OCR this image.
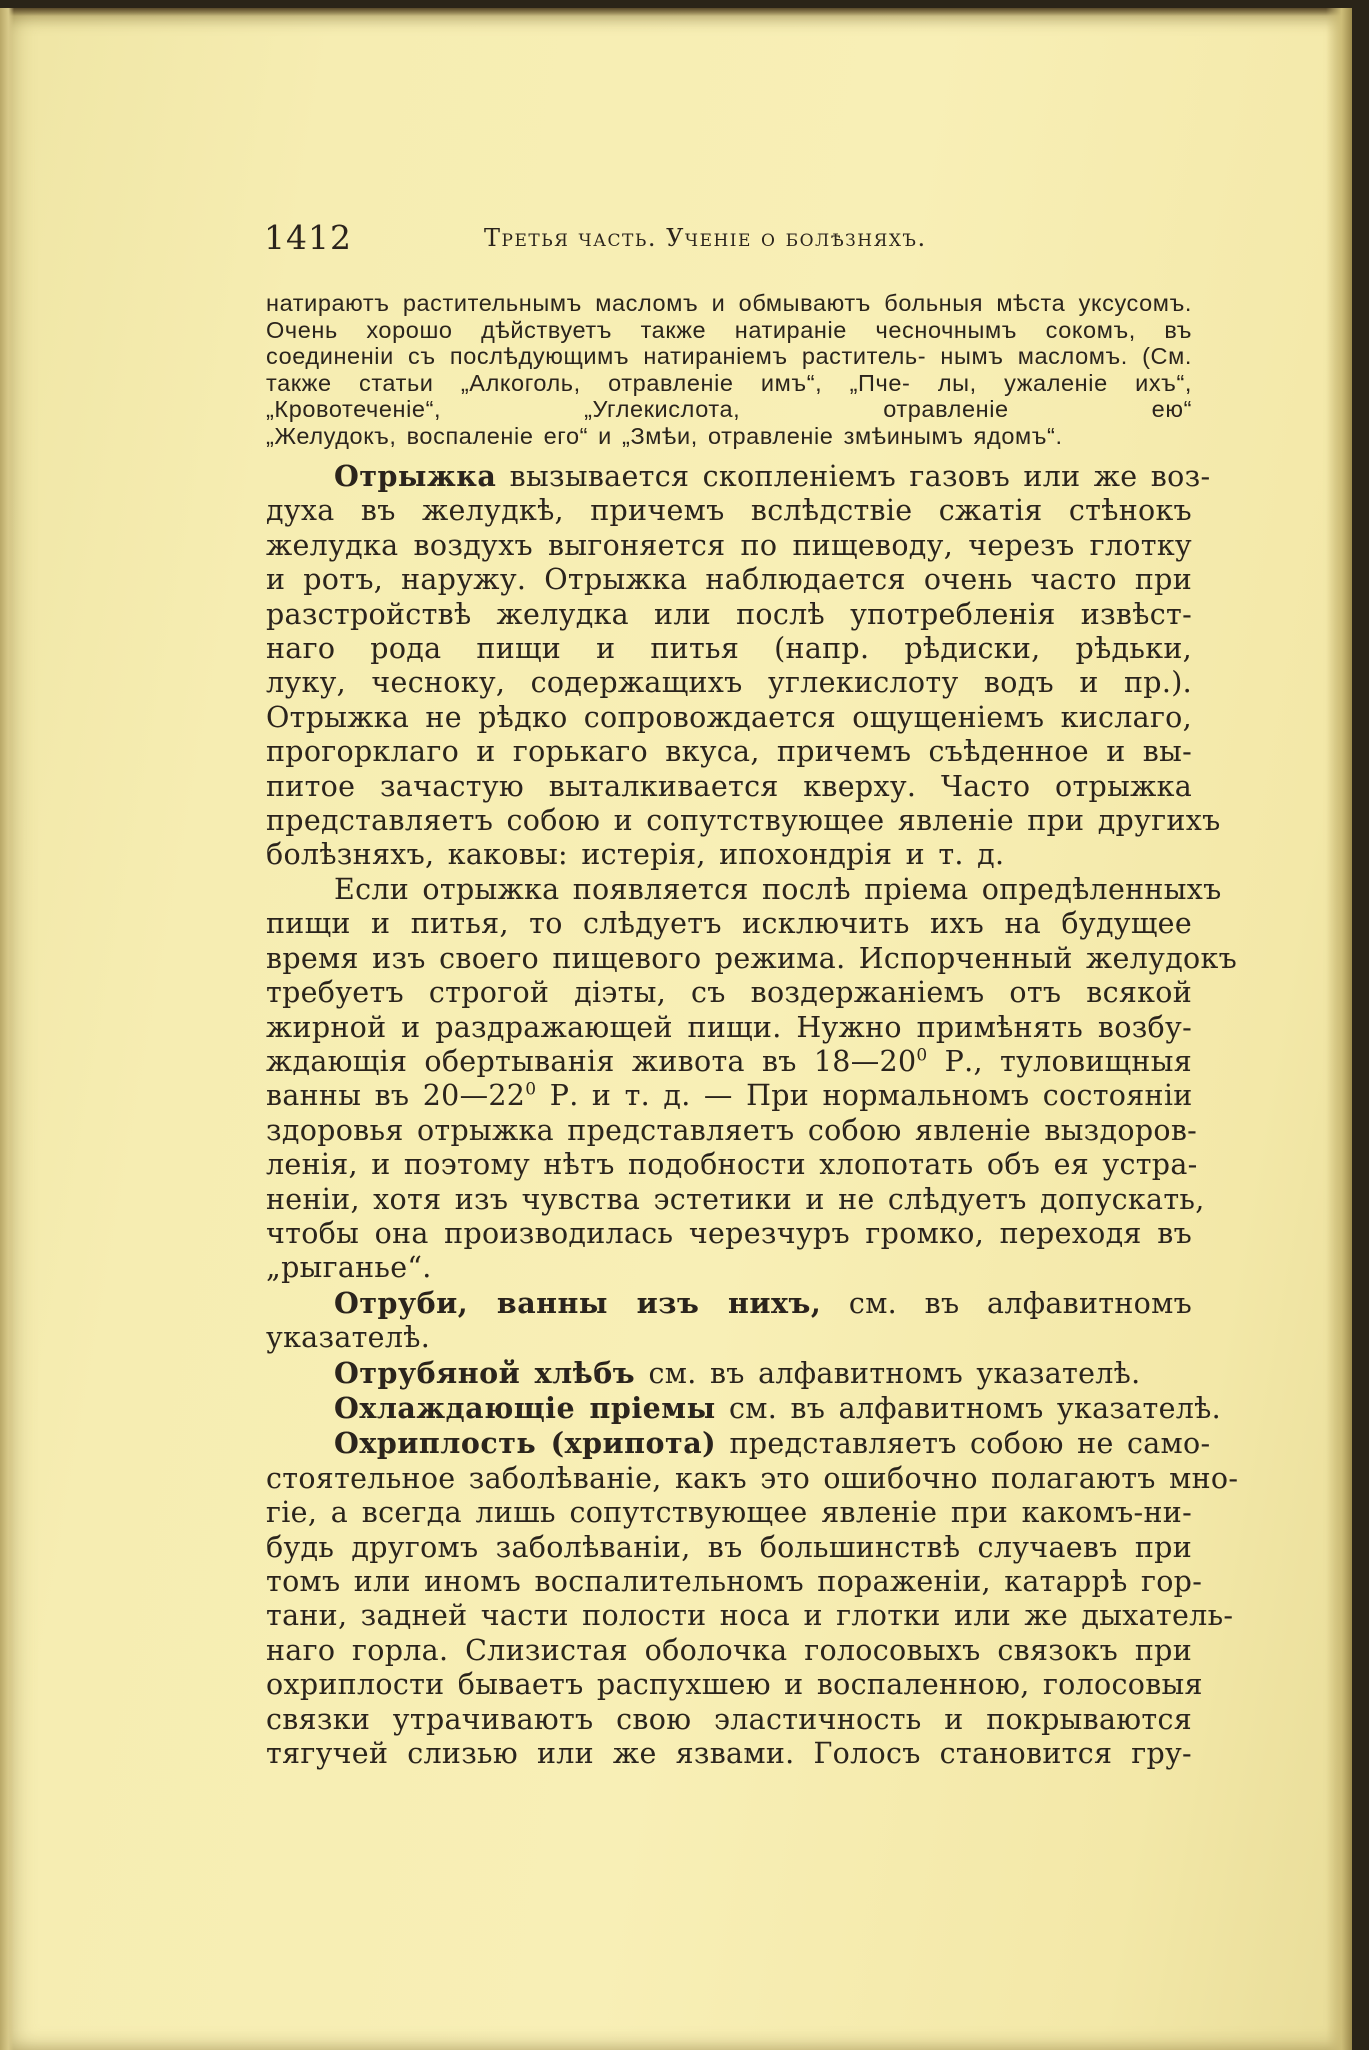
1412	Третья часть. Ученіе о болѣзняхъ.

натираютъ растительнымъ масломъ и обмываютъ больныя мѣста уксусомъ. Очень хорошо дѣйствуетъ также натираніе чесночнымъ сокомъ, въ соединеніи съ послѣдующимъ натираніемъ раститель- нымъ масломъ. (См. также статьи „Алкоголь, отравленіе имъ“, „Пче- лы, ужаленіе ихъ“, „Кровотеченіе“, „Углекислота, отравленіе ею“
„Желудокъ, воспаленіе его“ и „Змѣи, отравленіе змѣинымъ ядомъ“.

Отрыжка вызывается скопленіемъ газовъ или же воз-
духа въ желудкѣ, причемъ вслѣдствіе сжатія стѣнокъ
желудка воздухъ выгоняется по пищеводу, черезъ глотку
и ротъ, наружу. Отрыжка наблюдается очень часто при
разстройствѣ желудка или послѣ употребленія извѣст-
наго рода пищи и питья (напр. рѣдиски, рѣдьки,
луку, чесноку, содержащихъ углекислоту водъ и пр.).
Отрыжка не рѣдко сопровождается ощущеніемъ кислаго,
прогорклаго и горькаго вкуса, причемъ съѣденное и вы-
питое зачастую выталкивается кверху. Часто отрыжка
представляетъ собою и сопутствующее явленіе при другихъ
болѣзняхъ, каковы: истерія, ипохондрія и т. д.
Если отрыжка появляется послѣ пріема опредѣленныхъ
пищи и питья, то слѣдуетъ исключить ихъ на будущее
время изъ своего пищевого режима. Испорченный желудокъ
требуетъ строгой діэты, съ воздержаніемъ отъ всякой
жирной и раздражающей пищи. Нужно примѣнять возбу-
ждающія обертыванія живота въ $18—20^0$ Р., туловищныя
ванны въ $20—22^0$ Р. и т. д. — При нормальномъ состояніи
здоровья отрыжка представляетъ собою явленіе выздоров-
ленія, и поэтому нѣтъ подобности хлопотать объ ея устра-
неніи, хотя изъ чувства эстетики и не слѣдуетъ допускать,
чтобы она производилась черезчуръ громко, переходя въ
„рыганье“.
Отруби, ванны изъ нихъ, см. въ алфавитномъ
указателѣ.
Отрубяной хлѣбъ см. въ алфавитномъ указателѣ.
Охлаждающіе пріемы см. въ алфавитномъ указателѣ.
Охриплость (хрипота) представляетъ собою не само-
стоятельное заболѣваніе, какъ это ошибочно полагаютъ мно-
гіе, а всегда лишь сопутствующее явленіе при какомъ-ни-
будь другомъ заболѣваніи, въ большинствѣ случаевъ при
томъ или иномъ воспалительномъ пораженіи, катаррѣ гор-
тани, задней части полости носа и глотки или же дыхатель-
наго горла. Слизистая оболочка голосовыхъ связокъ при
охриплости бываетъ распухшею и воспаленною, голосовыя
связки утрачиваютъ свою эластичность и покрываются
тягучей слизью или же язвами. Голосъ становится гру-
